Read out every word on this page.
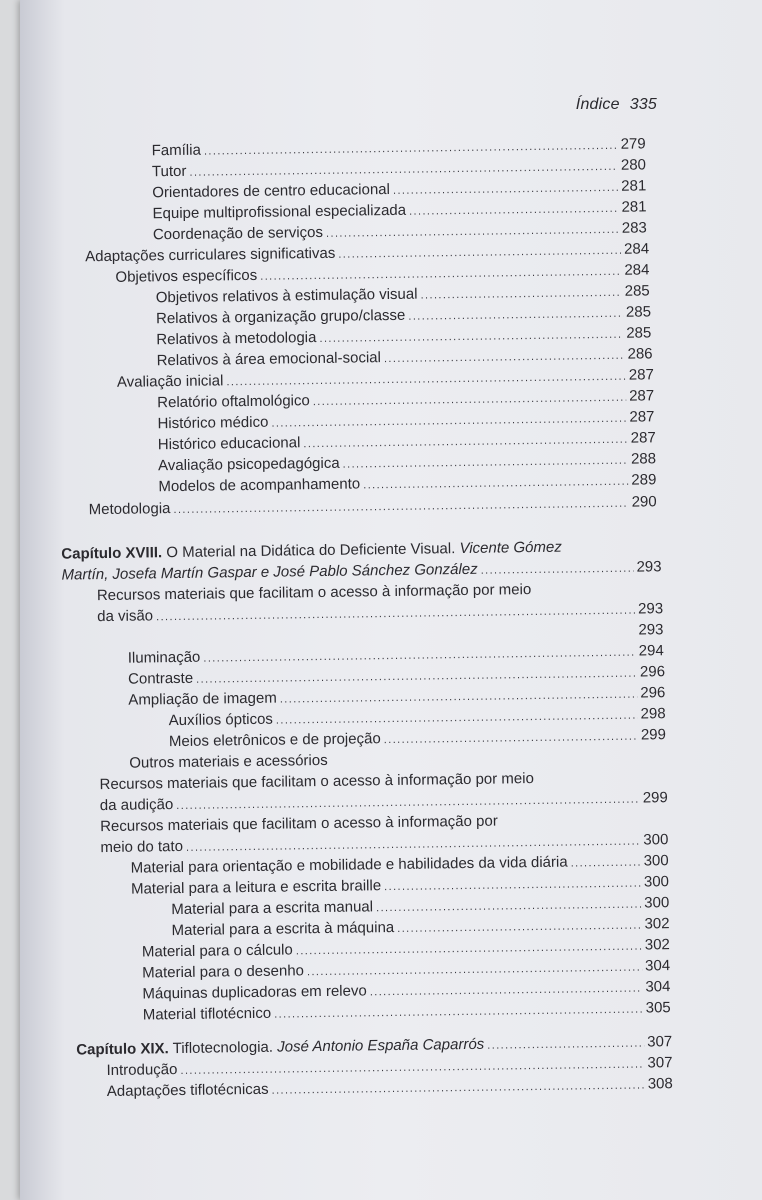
Índice 335
Família .....	279
Tutor .....	280
Orientadores de centro educacional .....	281
Equipe multiprofissional especializada .....	281
Coordenação de serviços .....	283
Adaptações curriculares significativas .....	284
Objetivos específicos .....	284
Objetivos relativos à estimulação visual .....	285
Relativos à organização grupo/classe .....	285
Relativos à metodologia .....	285
Relativos à área emocional-social .....	286
Avaliação inicial .....	287
Relatório oftalmológico .....	287
Histórico médico .....	287
Histórico educacional .....	287
Avaliação psicopedagógica .....	288
Modelos de acompanhamento .....	289
Metodologia .....	290
Capítulo XVIII. O Material na Didática do Deficiente Visual. Vicente Gómez
Martín, Josefa Martín Gaspar e José Pablo Sánchez González .....	293
Recursos materiais que facilitam o acesso à informação por meio
da visão .....	293
293
Iluminação .....	294
Contraste .....	296
Ampliação de imagem .....	296
Auxílios ópticos .....	298
Meios eletrônicos e de projeção .....	299
Outros materiais e acessórios
Recursos materiais que facilitam o acesso à informação por meio
da audição .....	299
Recursos materiais que facilitam o acesso à informação por
meio do tato .....	300
Material para orientação e mobilidade e habilidades da vida diária .....	300
Material para a leitura e escrita braille .....	300
Material para a escrita manual .....	300
Material para a escrita à máquina .....	302
Material para o cálculo .....	302
Material para o desenho .....	304
Máquinas duplicadoras em relevo .....	304
Material tiflotécnico .....	305
Capítulo XIX. Tiflotecnologia. José Antonio España Caparrós .....	307
Introdução .....	307
Adaptações tiflotécnicas .....	308
